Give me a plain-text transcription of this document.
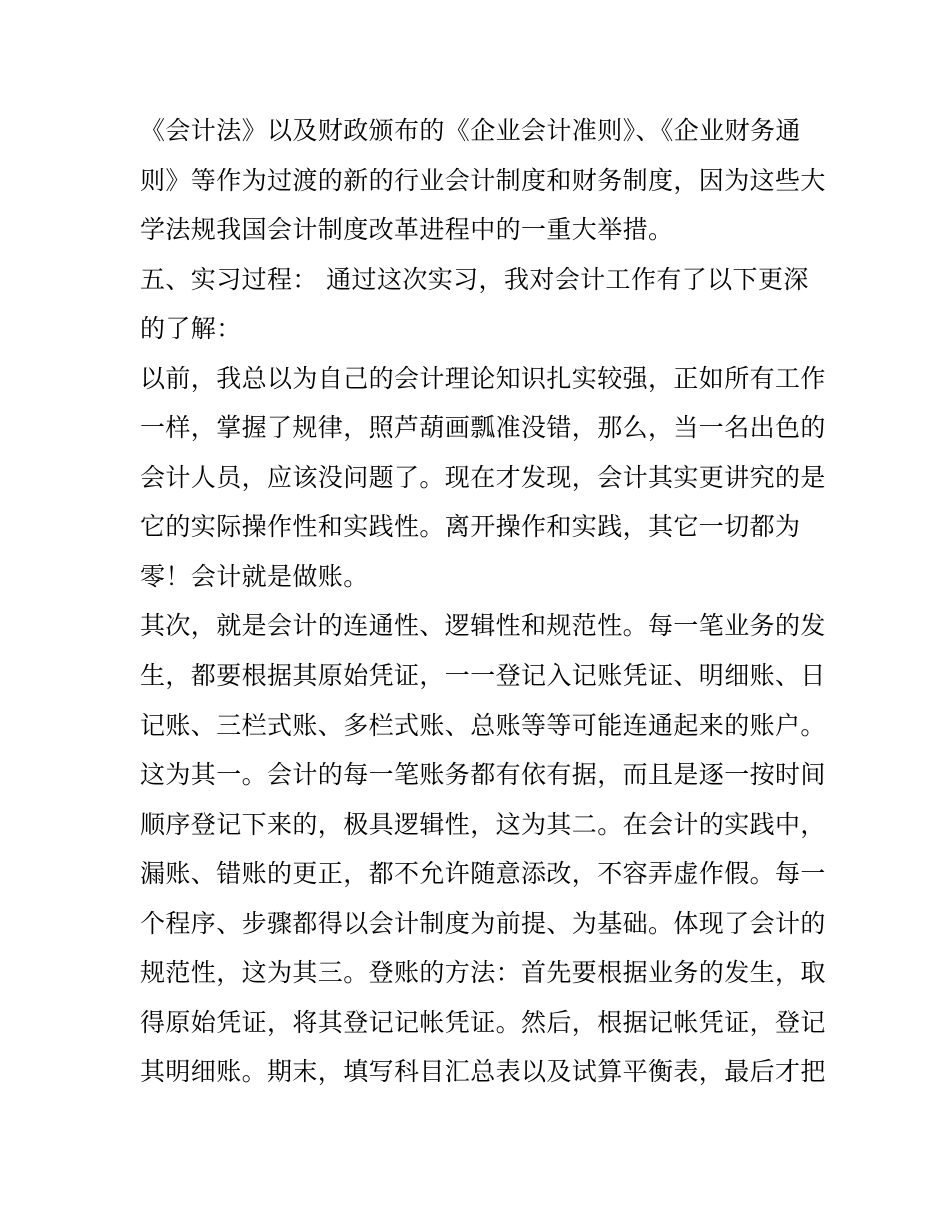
《会计法》以及财政颁布的《企业会计准则》、《企业财务通
则》等作为过渡的新的行业会计制度和财务制度，因为这些大
学法规我国会计制度改革进程中的一重大举措。
五、实习过程： 通过这次实习，我对会计工作有了以下更深
的了解：
以前，我总以为自己的会计理论知识扎实较强，正如所有工作
一样，掌握了规律，照芦葫画瓢准没错，那么，当一名出色的
会计人员，应该没问题了。现在才发现，会计其实更讲究的是
它的实际操作性和实践性。离开操作和实践，其它一切都为
零！会计就是做账。
其次，就是会计的连通性、逻辑性和规范性。每一笔业务的发
生，都要根据其原始凭证，一一登记入记账凭证、明细账、日
记账、三栏式账、多栏式账、总账等等可能连通起来的账户。
这为其一。会计的每一笔账务都有依有据，而且是逐一按时间
顺序登记下来的，极具逻辑性，这为其二。在会计的实践中，
漏账、错账的更正，都不允许随意添改，不容弄虚作假。每一
个程序、步骤都得以会计制度为前提、为基础。体现了会计的
规范性，这为其三。登账的方法：首先要根据业务的发生，取
得原始凭证，将其登记记帐凭证。然后，根据记帐凭证，登记
其明细账。期末，填写科目汇总表以及试算平衡表，最后才把
